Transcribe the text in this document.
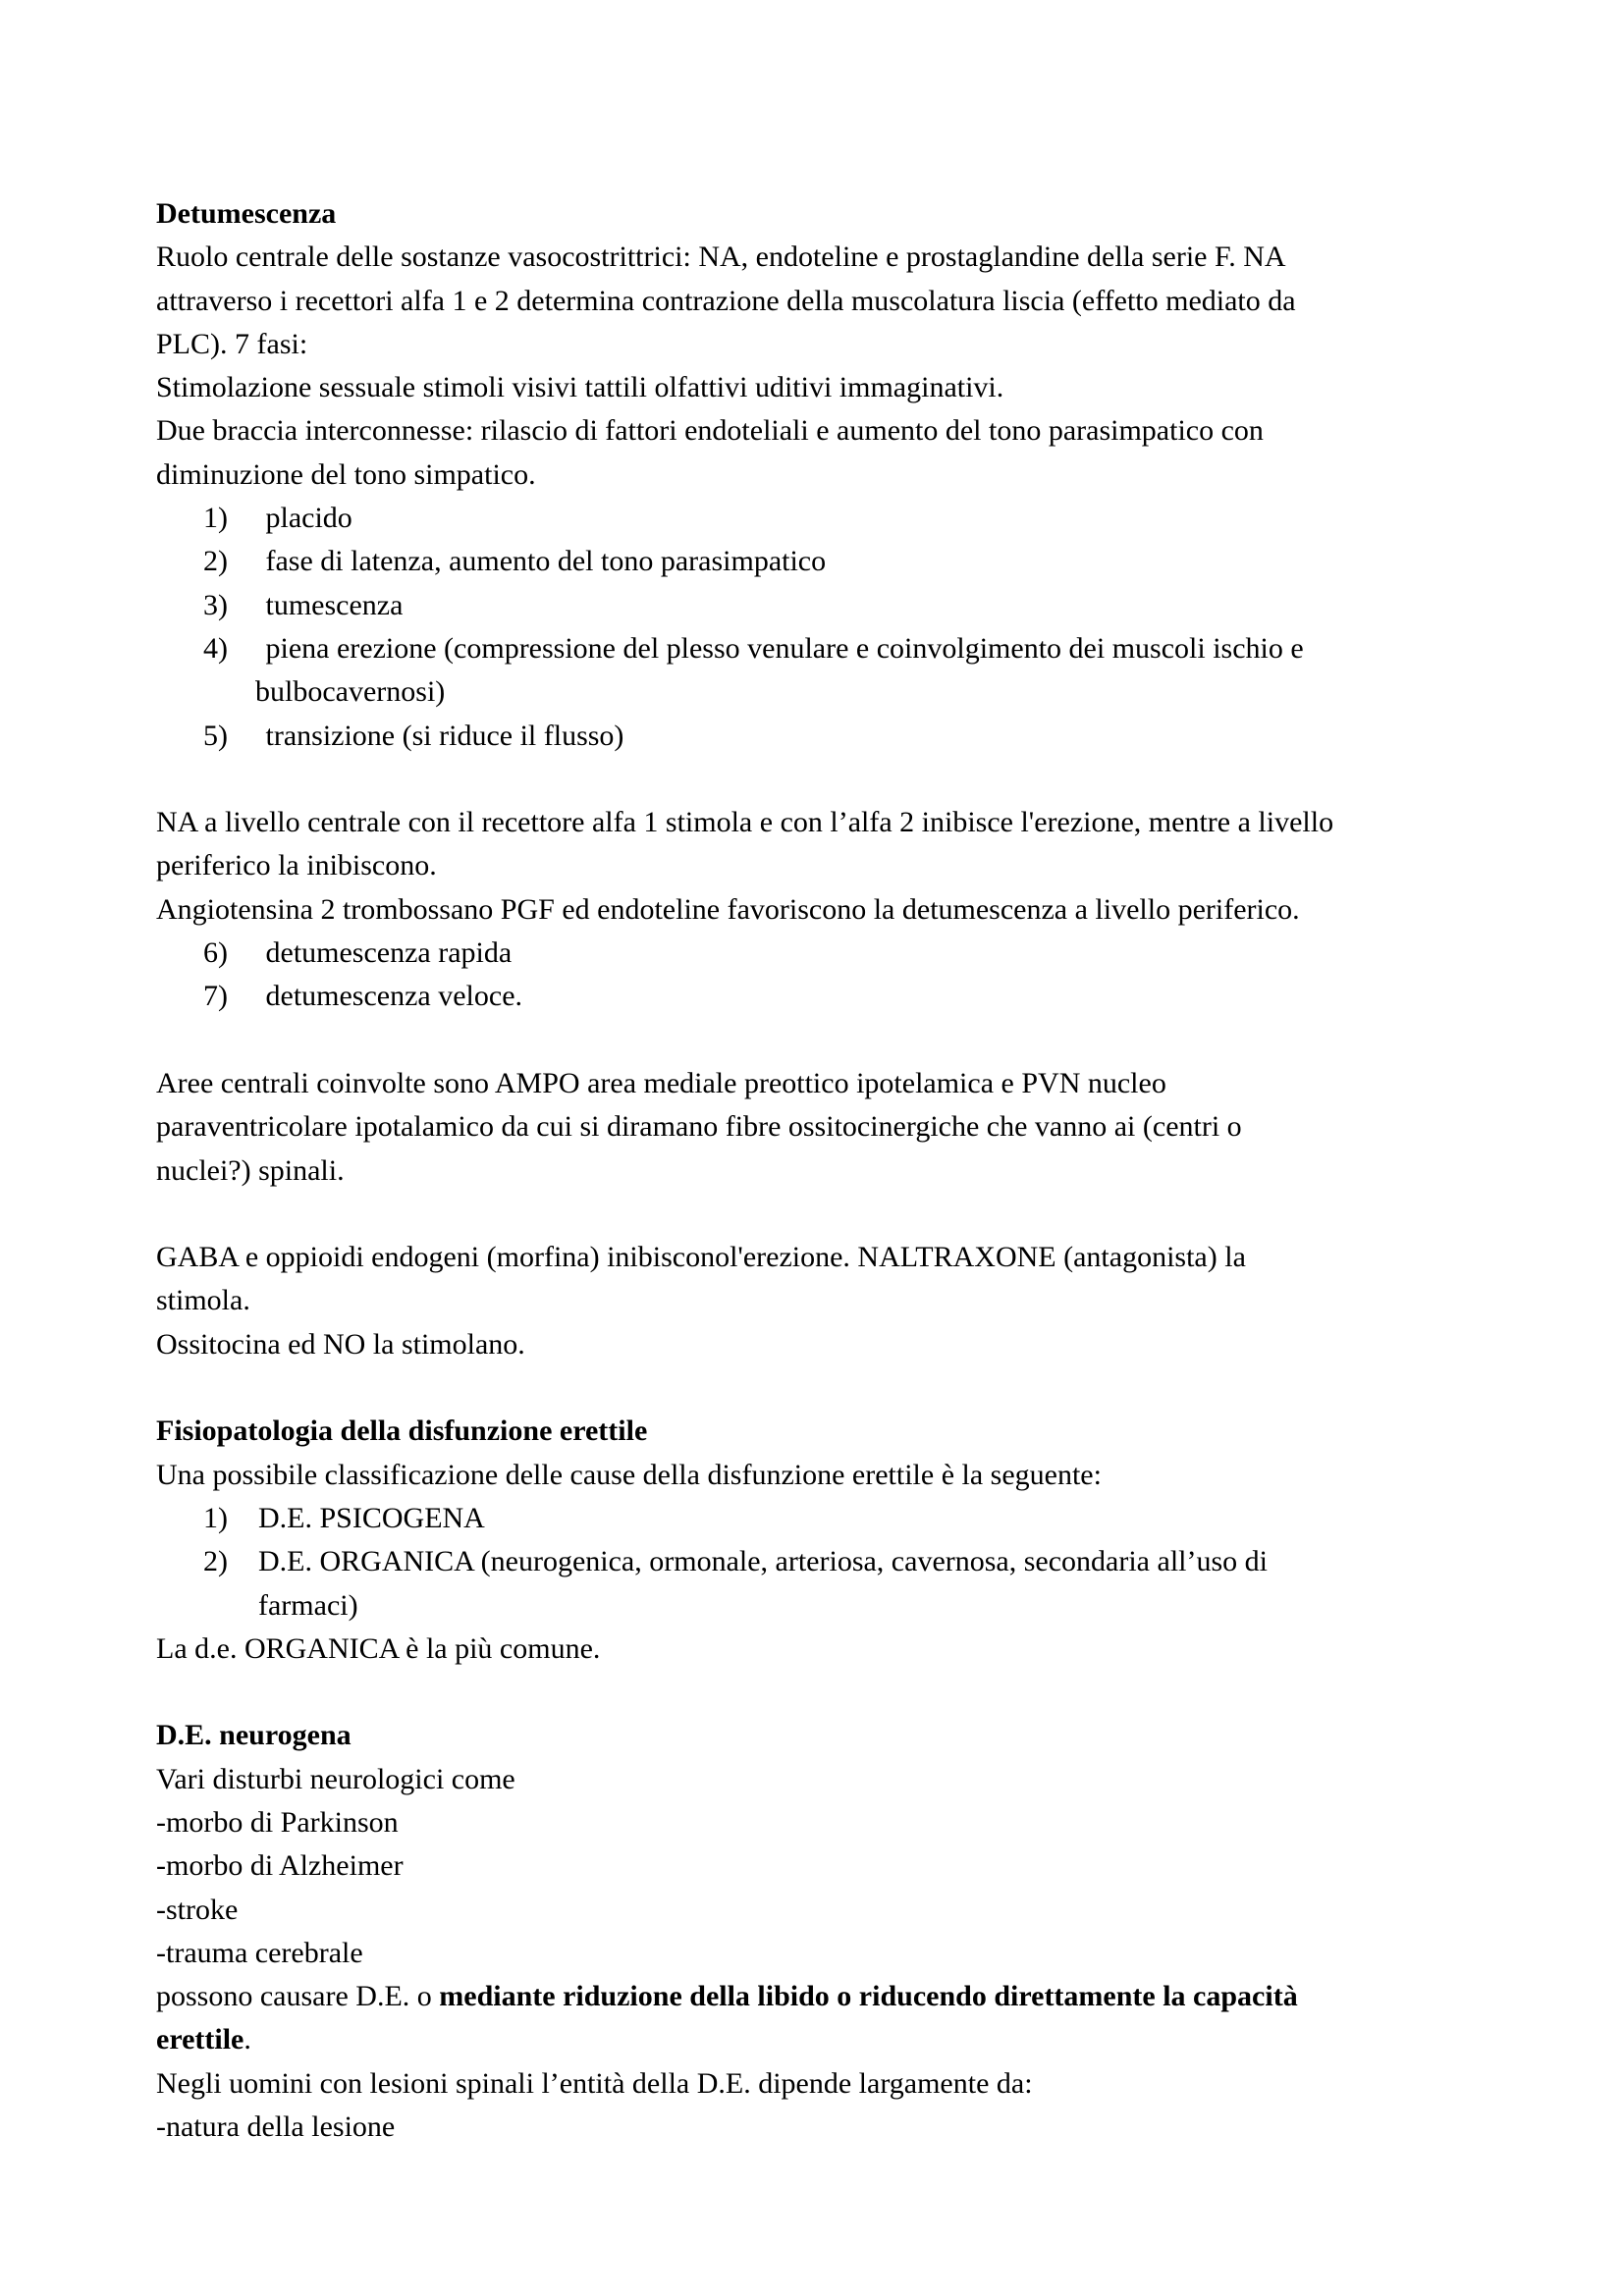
Detumescenza
Ruolo centrale delle sostanze vasocostrittrici: NA, endoteline e prostaglandine della serie F. NA
attraverso i recettori alfa 1 e 2 determina contrazione della muscolatura liscia (effetto mediato da
PLC). 7 fasi:
Stimolazione sessuale stimoli visivi tattili olfattivi uditivi immaginativi.
Due braccia interconnesse: rilascio di fattori endoteliali e aumento del tono parasimpatico con
diminuzione del tono simpatico.
1) placido
2) fase di latenza, aumento del tono parasimpatico
3) tumescenza
4) piena erezione (compressione del plesso venulare e coinvolgimento dei muscoli ischio e
bulbocavernosi)
5) transizione (si riduce il flusso)
NA a livello centrale con il recettore alfa 1 stimola e con l’alfa 2 inibisce l'erezione, mentre a livello
periferico la inibiscono.
Angiotensina 2 trombossano PGF ed endoteline favoriscono la detumescenza a livello periferico.
6) detumescenza rapida
7) detumescenza veloce.
Aree centrali coinvolte sono AMPO area mediale preottico ipotelamica e PVN nucleo
paraventricolare ipotalamico da cui si diramano fibre ossitocinergiche che vanno ai (centri o
nuclei?) spinali.
GABA e oppioidi endogeni (morfina) inibisconol'erezione. NALTRAXONE (antagonista) la
stimola.
Ossitocina ed NO la stimolano.
Fisiopatologia della disfunzione erettile
Una possibile classificazione delle cause della disfunzione erettile è la seguente:
1) D.E. PSICOGENA
2) D.E. ORGANICA (neurogenica, ormonale, arteriosa, cavernosa, secondaria all’uso di
farmaci)
La d.e. ORGANICA è la più comune.
D.E. neurogena
Vari disturbi neurologici come
-morbo di Parkinson
-morbo di Alzheimer
-stroke
-trauma cerebrale
possono causare D.E. o mediante riduzione della libido o riducendo direttamente la capacità
erettile.
Negli uomini con lesioni spinali l’entità della D.E. dipende largamente da:
-natura della lesione
